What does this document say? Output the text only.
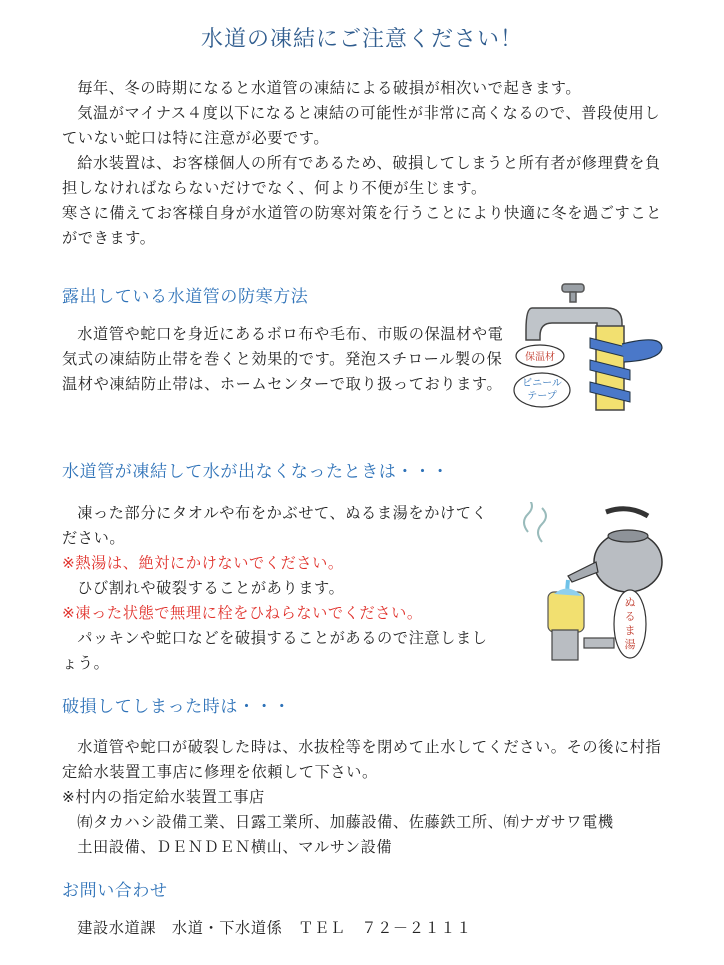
水道の凍結にご注意ください！

毎年、冬の時期になると水道管の凍結による破損が相次いで起きます。

気温がマイナス４度以下になると凍結の可能性が非常に高くなるので、普段使用していない蛇口は特に注意が必要です。

給水装置は、お客様個人の所有であるため、破損してしまうと所有者が修理費を負担しなければならないだけでなく、何より不便が生じます。

寒さに備えてお客様自身が水道管の防寒対策を行うことにより快適に冬を過ごすことができます。

露出している水道管の防寒方法

水道管や蛇口を身近にあるボロ布や毛布、市販の保温材や電気式の凍結防止帯を巻くと効果的です。発泡スチロール製の保温材や凍結防止帯は、ホームセンターで取り扱っております。

保温材
ビニール
テープ
水道管が凍結して水が出なくなったときは・・・

凍った部分にタオルや布をかぶせて、ぬるま湯をかけてください。

※熱湯は、絶対にかけないでください。

ひび割れや破裂することがあります。

※凍った状態で無理に栓をひねらないでください。

パッキンや蛇口などを破損することがあるので注意しましょう。

ぬ
る
ま
湯
破損してしまった時は・・・

水道管や蛇口が破裂した時は、水抜栓等を閉めて止水してください。その後に村指定給水装置工事店に修理を依頼して下さい。

※村内の指定給水装置工事店

㈲タカハシ設備工業、日露工業所、加藤設備、佐藤鉄工所、㈲ナガサワ電機

土田設備、ＤＥＮＤＥＮ横山、マルサン設備

お問い合わせ
建設水道課　水道・下水道係　ＴＥＬ　７２－２１１１
